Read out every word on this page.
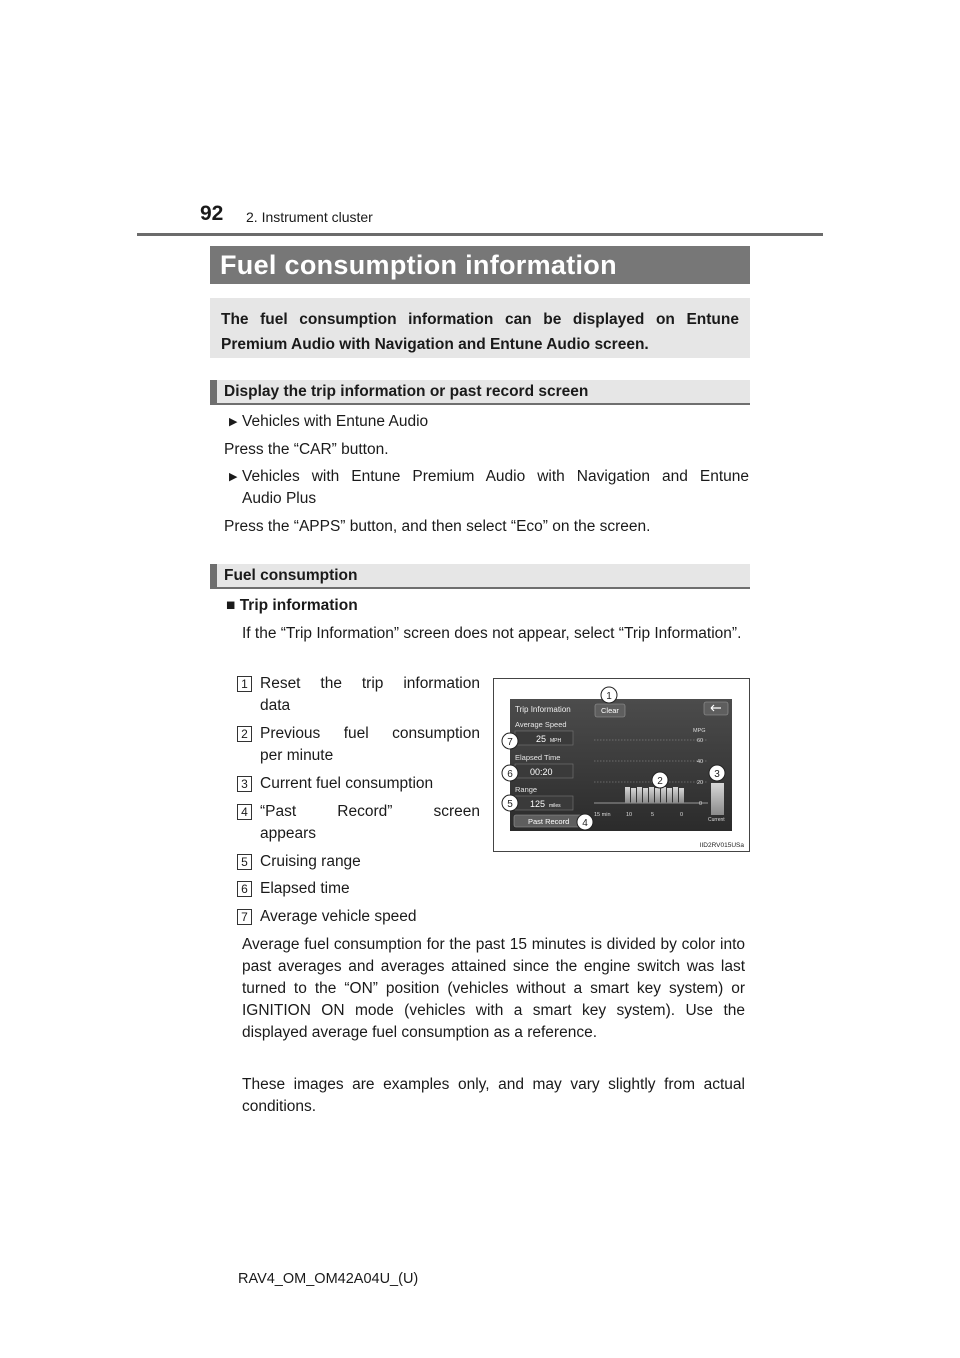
92 2. Instrument cluster
Fuel consumption information
The fuel consumption information can be displayed on Entune Premium Audio with Navigation and Entune Audio screen.
Display the trip information or past record screen
▶ Vehicles with Entune Audio
Press the “CAR” button.
▶ Vehicles with Entune Premium Audio with Navigation and Entune
Audio Plus
Press the “APPS” button, and then select “Eco” on the screen.
Fuel consumption
■ Trip information
If the “Trip Information” screen does not appear, select “Trip Information”.
1 Reset the trip information
data
2 Previous fuel consumption
per minute
3 Current fuel consumption
4 “Past Record” screen
appears
5 Cruising range
6 Elapsed time
7 Average vehicle speed
Trip Information	Clear
Average Speed
25 MPH
Elapsed Time
00:20
Range
125 miles
Past Record
MPG
60
40
20
0
15 min	10	5	0
Current
1
2
3
4
5
6
7
IID2RV015USa
Average fuel consumption for the past 15 minutes is divided by color into past averages and averages attained since the engine switch was last turned to the “ON” position (vehicles without a smart key system) or IGNITION ON mode (vehicles with a smart key system). Use the displayed average fuel consumption as a reference.
These images are examples only, and may vary slightly from actual conditions.
RAV4_OM_OM42A04U_(U)
